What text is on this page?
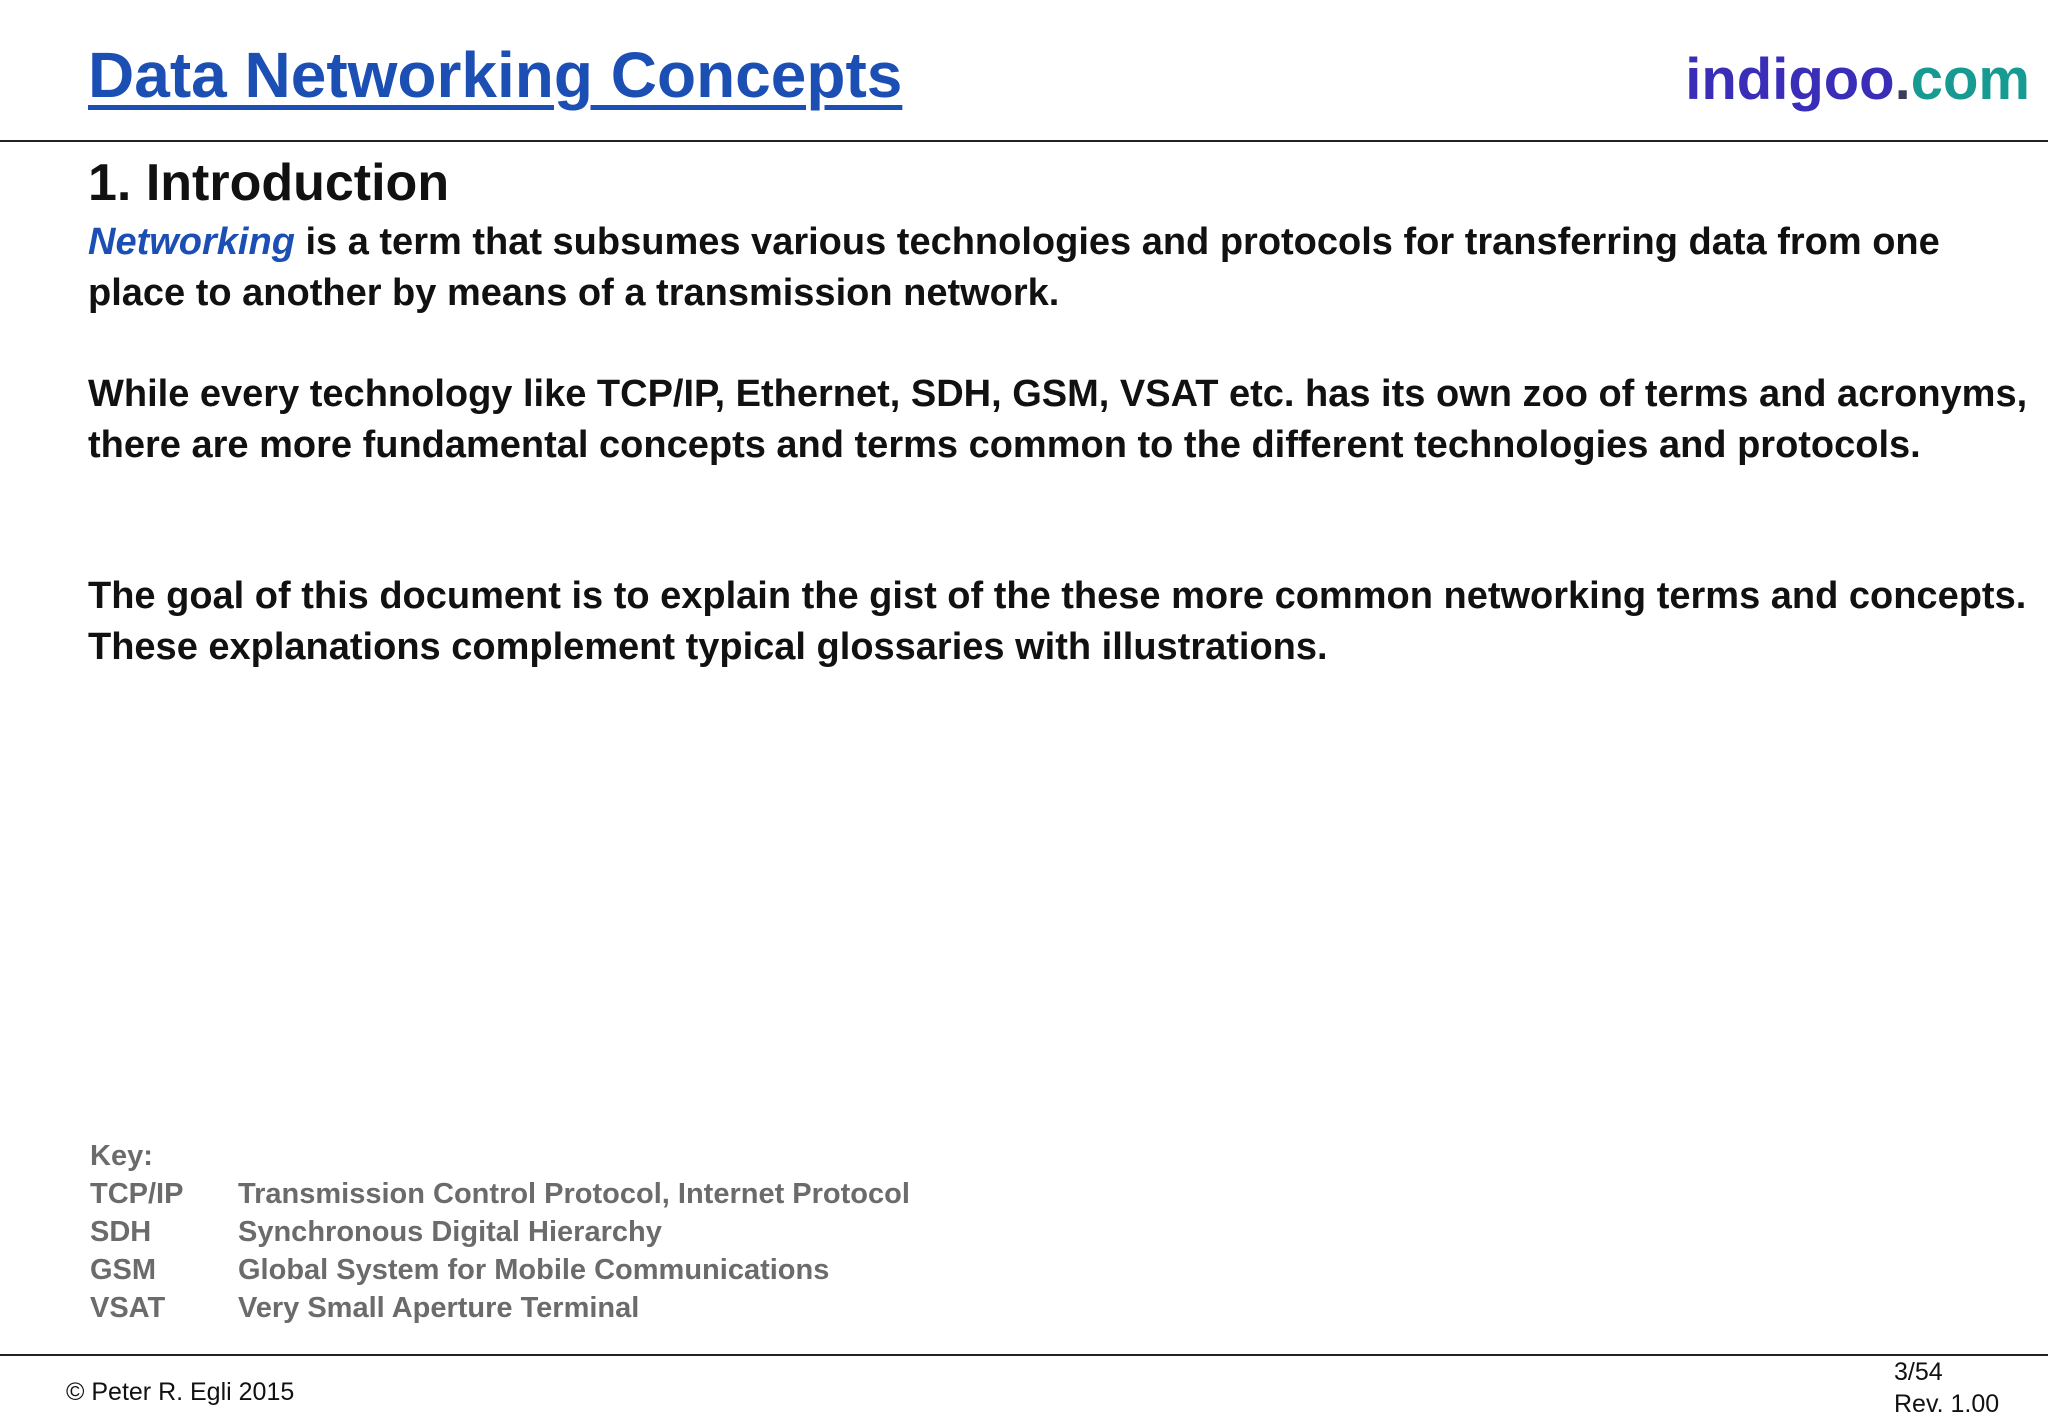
Data Networking Concepts	indigoo.com
1. Introduction

Networking is a term that subsumes various technologies and protocols for transferring data from one place to another by means of a transmission network.

While every technology like TCP/IP, Ethernet, SDH, GSM, VSAT etc. has its own zoo of terms and acronyms, there are more fundamental concepts and terms common to the different technologies and protocols.

The goal of this document is to explain the gist of the these more common networking terms and concepts. These explanations complement typical glossaries with illustrations.

Key:
TCP/IP	Transmission Control Protocol, Internet Protocol
SDH	Synchronous Digital Hierarchy
GSM	Global System for Mobile Communications
VSAT	Very Small Aperture Terminal
© Peter R. Egli 2015
3/54
Rev. 1.00
